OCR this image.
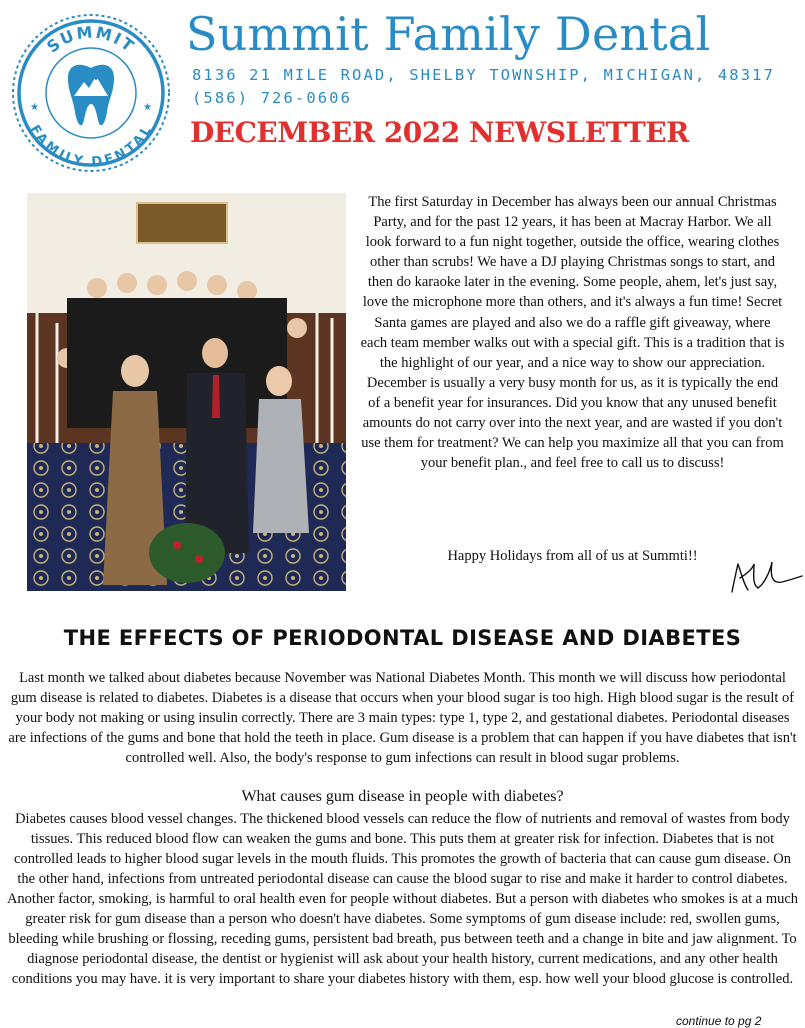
SUMMIT
FAMILY DENTAL
★	★
Summit Family Dental
8136 21 MILE ROAD, SHELBY TOWNSHIP, MICHIGAN, 48317
(586) 726-0606
DECEMBER 2022 NEWSLETTER

The first Saturday in December has always been our annual Christmas Party, and for the past 12 years, it has been at Macray Harbor. We all look forward to a fun night together, outside the office, wearing clothes other than scrubs! We have a DJ playing Christmas songs to start, and then do karaoke later in the evening. Some people, ahem, let's just say, love the microphone more than others, and it's always a fun time! Secret Santa games are played and also we do a raffle gift giveaway, where each team member walks out with a special gift. This is a tradition that is the highlight of our year, and a nice way to show our appreciation. December is usually a very busy month for us, as it is typically the end of a benefit year for insurances. Did you know that any unused benefit amounts do not carry over into the next year, and are wasted if you don't use them for treatment? We can help you maximize all that you can from your benefit plan., and feel free to call us to discuss!

Happy Holidays from all of us at Summti!!

THE EFFECTS OF PERIODONTAL DISEASE AND DIABETES

Last month we talked about diabetes because November was National Diabetes Month. This month we will discuss how periodontal gum disease is related to diabetes. Diabetes is a disease that occurs when your blood sugar is too high. High blood sugar is the result of your body not making or using insulin correctly. There are 3 main types: type 1, type 2, and gestational diabetes. Periodontal diseases are infections of the gums and bone that hold the teeth in place. Gum disease is a problem that can happen if you have diabetes that isn't controlled well. Also, the body's response to gum infections can result in blood sugar problems.

What causes gum disease in people with diabetes?

Diabetes causes blood vessel changes. The thickened blood vessels can reduce the flow of nutrients and removal of wastes from body tissues. This reduced blood flow can weaken the gums and bone. This puts them at greater risk for infection. Diabetes that is not controlled leads to higher blood sugar levels in the mouth fluids. This promotes the growth of bacteria that can cause gum disease. On the other hand, infections from untreated periodontal disease can cause the blood sugar to rise and make it harder to control diabetes. Another factor, smoking, is harmful to oral health even for people without diabetes. But a person with diabetes who smokes is at a much greater risk for gum disease than a person who doesn't have diabetes. Some symptoms of gum disease include: red, swollen gums, bleeding while brushing or flossing, receding gums, persistent bad breath, pus between teeth and a change in bite and jaw alignment. To diagnose periodontal disease, the dentist or hygienist will ask about your health history, current medications, and any other health conditions you may have. it is very important to share your diabetes history with them, esp. how well your blood glucose is controlled.

continue to pg 2
